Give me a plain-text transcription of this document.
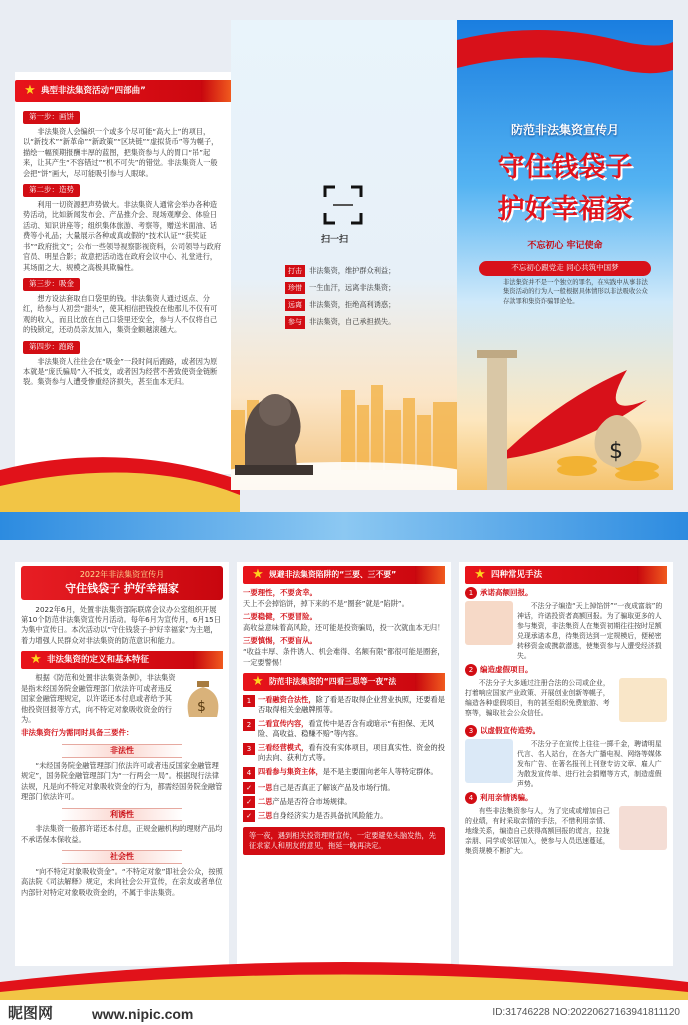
★ 典型非法集资活动“四部曲”
第一步：画饼
非法集资人会编织一个或多个尽可能“高大上”的项目，以“新技术”“新革命”“新政策”“区块链”“虚拟货币”等为幌子，描绘一幅预期报酬丰厚的蓝图，把集资参与人的胃口“吊”起来，让其产生“不容错过”“机不可失”的错觉。非法集资人一般会把“饼”画大，尽可能吸引参与人眼球。
第二步：造势
利用一切资源把声势做大。非法集资人通常会举办各种造势活动，比如新闻发布会、产品推介会、现场观摩会、体验日活动、知识讲座等；组织集体旅游、考察等，赠送米面油、话费等小礼品；大量展示各种或真或假的“技术认证”“获奖证书”“政府批文”；公布一些领导视察影视资料，公司领导与政府官员、明星合影；故意把活动选在政府会议中心、礼堂进行，其场面之大、规模之高极具欺骗性。
第三步：吸金
想方设法套取自口袋里的钱。非法集资人通过返点、分红，给参与人初尝“甜头”，使其相信把钱投在他那儿不仅有可观的收入，而且比放在自己口袋里还安全，参与人不仅将自己的钱锁定，还动员亲友加入，集资金额越滚越大。
第四步：跑路
非法集资人往往会在“吸金”一段时间后跑路，或者因为原本就是“庞氏骗局”入不抵支，或者因为经营不善致使资金链断裂。集资参与人遭受惨重经济损失，甚至血本无归。
扫一扫
打击 非法集资，维护群众利益；
珍惜 一生血汗，远离非法集资；
远离 非法集资，拒绝高利诱惑；
参与 非法集资，自己承担损失。
防范非法集资宣传月
守住钱袋子
护好幸福家
不忘初心 牢记使命
不忘初心跟党走 同心共筑中国梦
非法集资并不是一个独立的罪名，在实践中从事非法集资活动的行为人一般根据具体情形以非法吸收公众存款罪和集资诈骗罪论处。
$
2022年非法集资宣传月
守住钱袋子 护好幸福家
2022年6月，处置非法集资部际联席会议办公室组织开展第10个防范非法集资宣传月活动。每年6月为宣传月，6月15日为集中宣传日。本次活动以“守住钱袋子·护好幸福家”为主题，着力增强人民群众对非法集资的防范意识和能力。
★ 非法集资的定义和基本特征
根据《防范和处置非法集资条例》，非法集资是指未经国务院金融管理部门依法许可或者违反国家金融管理规定，以许诺还本付息或者给予其他投资回报等方式，向不特定对象吸收资金的行为。
$
非法集资行为需同时具备三要件：
非法性
“未经国务院金融管理部门依法许可或者违反国家金融管理规定”，国务院金融管理部门为“一行两会一局”。根据现行法律法规，凡是向不特定对象吸收资金的行为，都需经国务院金融管理部门依法许可。
利诱性
非法集资一般都许诺还本付息，正规金融机构的理财产品均不承诺保本保收益。
社会性
“向不特定对象吸收资金”。“不特定对象”即社会公众，按照高法院《司法解释》规定，未向社会公开宣传，在亲友或者单位内部针对特定对象吸收资金的，不属于非法集资。
★ 规避非法集资陷阱的“三要、三不要”
一要理性，不要贪幸。
天上不会掉馅饼，掉下来的不是“圈套”就是“陷阱”。
二要稳健，不要冒险。
高收益意味着高风险，还可能是投资骗局，投一次就血本无归！
三要慎惕，不要盲从。
“收益丰厚、条件诱人、机会难得、名额有限”都很可能是圈套，一定要警惕！
★ 防范非法集资的“四看三思等一夜”法
1 一看融资合法性，除了看是否取得企业营业执照，还要看是否取得相关金融牌照等。
2 二看宣传内容，看宣传中是否含有或暗示“有担保、无风险、高收益、稳赚不赔”等内容。
3 三看经营模式，看有没有实体项目，项目真实性、资金的投向去向、获利方式等。
4 四看参与集资主体，是不是主要面向老年人等特定群体。
✓ 一思自己是否真正了解该产品及市场行情。
✓ 二思产品是否符合市场规律。
✓ 三思自身经济实力是否具备抗风险能力。
等一夜，遇到相关投资理财宣传，一定要避免头脑发热，先征求家人和朋友的意见，拖延一晚再决定。
★ 四种常见手法
1 承诺高额回报。
不法分子编造“天上掉馅饼”“一夜成富翁”的神话，许诺投资者高额回报。为了骗取更多的人参与集资，非法集资人在集资初期往往按时足额兑现承诺本息，待集资达到一定规模后，便秘密转移资金或携款潜逃，使集资参与人遭受经济损失。
2 编造虚假项目。
不法分子大多通过注册合法的公司或企业，打着响应国家产业政策、开展创业创新等幌子，编造各种虚假项目，有的甚至组织免费旅游、考察等，骗取社会公众信任。
3 以虚假宣传造势。
不法分子在宣传上往往一掷千金，聘请明星代言、名人站台，在各大广播电视、网络等媒体发布广告、在著名报刊上刊登专访文章、雇人广为散发宣传单、进行社会捐赠等方式，制造虚假声势。
4 利用亲情诱骗。
有些非法集资参与人，为了完成或增加自己的业绩，有时采取亲情的手法，不惜利用亲情、地缘关系，编造自己获得高额回报的谎言，拉拢亲朋、同学或邻居加入，使参与人员迅速蔓延，集资规模不断扩大。
昵图网	www.nipic.com	ID:31746228 NO:20220627163941811120
